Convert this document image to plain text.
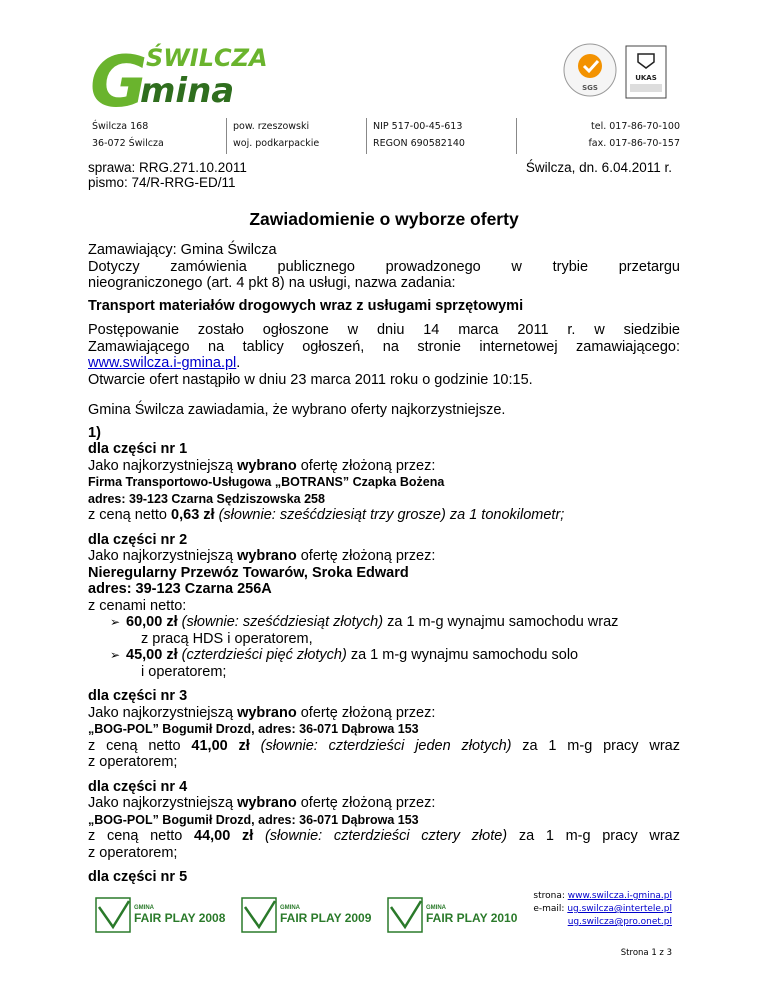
G
ŚWILCZA
mina	SGS
UKAS
Świlcza 168
36-072 Świlcza
pow. rzeszowski
woj. podkarpackie
NIP 517-00-45-613
REGON 690582140
tel. 017-86-70-100
fax. 017-86-70-157
sprawa: RRG.271.10.2011
pismo: 74/R-RRG-ED/11
Świlcza, dn. 6.04.2011 r.
Zawiadomienie o wyborze oferty

Zamawiający: Gmina Świlcza

Dotyczy zamówienia publicznego prowadzonego w trybie przetargu

nieograniczonego (art. 4 pkt 8) na usługi, nazwa zadania:

Transport materiałów drogowych wraz z usługami sprzętowymi

Postępowanie zostało ogłoszone w dniu 14 marca 2011 r. w siedzibie

Zamawiającego na tablicy ogłoszeń, na stronie internetowej zamawiającego:

www.swilcza.i-gmina.pl.

Otwarcie ofert nastąpiło w dniu 23 marca 2011 roku o godzinie 10:15.

Gmina Świlcza zawiadamia, że wybrano oferty najkorzystniejsze.

1)

dla części nr 1

Jako najkorzystniejszą wybrano ofertę złożoną przez:

Firma Transportowo-Usługowa „BOTRANS” Czapka Bożena

adres: 39-123 Czarna Sędziszowska 258

z ceną netto 0,63 zł (słownie: sześćdziesiąt trzy grosze) za 1 tonokilometr;

dla części nr 2

Jako najkorzystniejszą wybrano ofertę złożoną przez:

Nieregularny Przewóz Towarów, Sroka Edward

adres: 39-123 Czarna 256A

z cenami netto:

➢ 60,00 zł (słownie: sześćdziesiąt złotych) za 1 m-g wynajmu samochodu wraz

z pracą HDS i operatorem,

➢ 45,00 zł (czterdzieści pięć złotych) za 1 m-g wynajmu samochodu solo

i operatorem;

dla części nr 3

Jako najkorzystniejszą wybrano ofertę złożoną przez:

„BOG-POL” Bogumił Drozd, adres: 36-071 Dąbrowa 153

z ceną netto 41,00 zł (słownie: czterdzieści jeden złotych) za 1 m-g pracy wraz

z operatorem;

dla części nr 4

Jako najkorzystniejszą wybrano ofertę złożoną przez:

„BOG-POL” Bogumił Drozd, adres: 36-071 Dąbrowa 153

z ceną netto 44,00 zł (słownie: czterdzieści cztery złote) za 1 m-g pracy wraz

z operatorem;

dla części nr 5

GMINA
FAIR PLAY 2008
GMINA
FAIR PLAY 2009
GMINA
FAIR PLAY 2010
strona: www.swilcza.i-gmina.pl
e-mail: ug.swilcza@intertele.pl
ug.swilcza@pro.onet.pl
Strona 1 z 3
